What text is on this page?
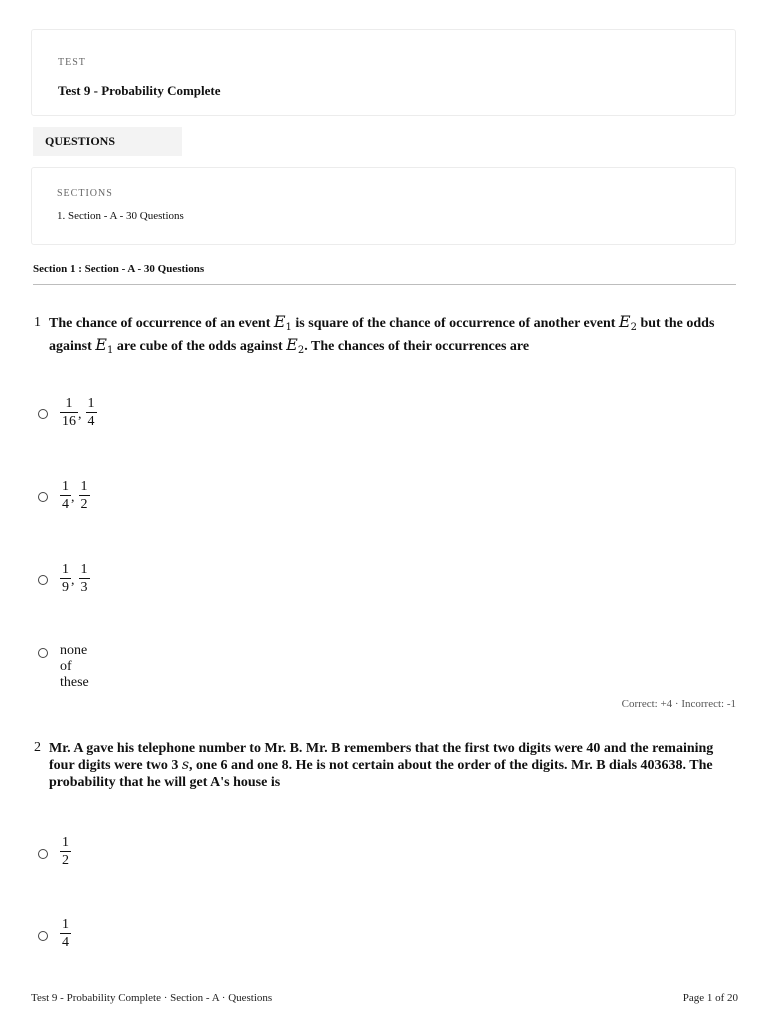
TEST
Test 9 - Probability Complete
QUESTIONS
SECTIONS
1. Section - A - 30 Questions
Section 1 : Section - A - 30 Questions
1 The chance of occurrence of an event $E_1$ is square of the chance of occurrence of another event $E_2$ but the odds against $E_1$ are cube of the odds against $E_2$. The chances of their occurrences are
$\frac{1}{16}$ , $\frac{1}{4}$
$\frac{1}{4}$ , $\frac{1}{2}$
$\frac{1}{9}$ , $\frac{1}{3}$
none of these
Correct: +4 · Incorrect: -1
2 Mr. A gave his telephone number to Mr. B. Mr. B remembers that the first two digits were 40 and the remaining four digits were two 3 s, one 6 and one 8. He is not certain about the order of the digits. Mr. B dials 403638. The probability that he will get A's house is
$\frac{1}{2}$
$\frac{1}{4}$
Test 9 - Probability Complete · Section - A · Questions	Page 1 of 20
